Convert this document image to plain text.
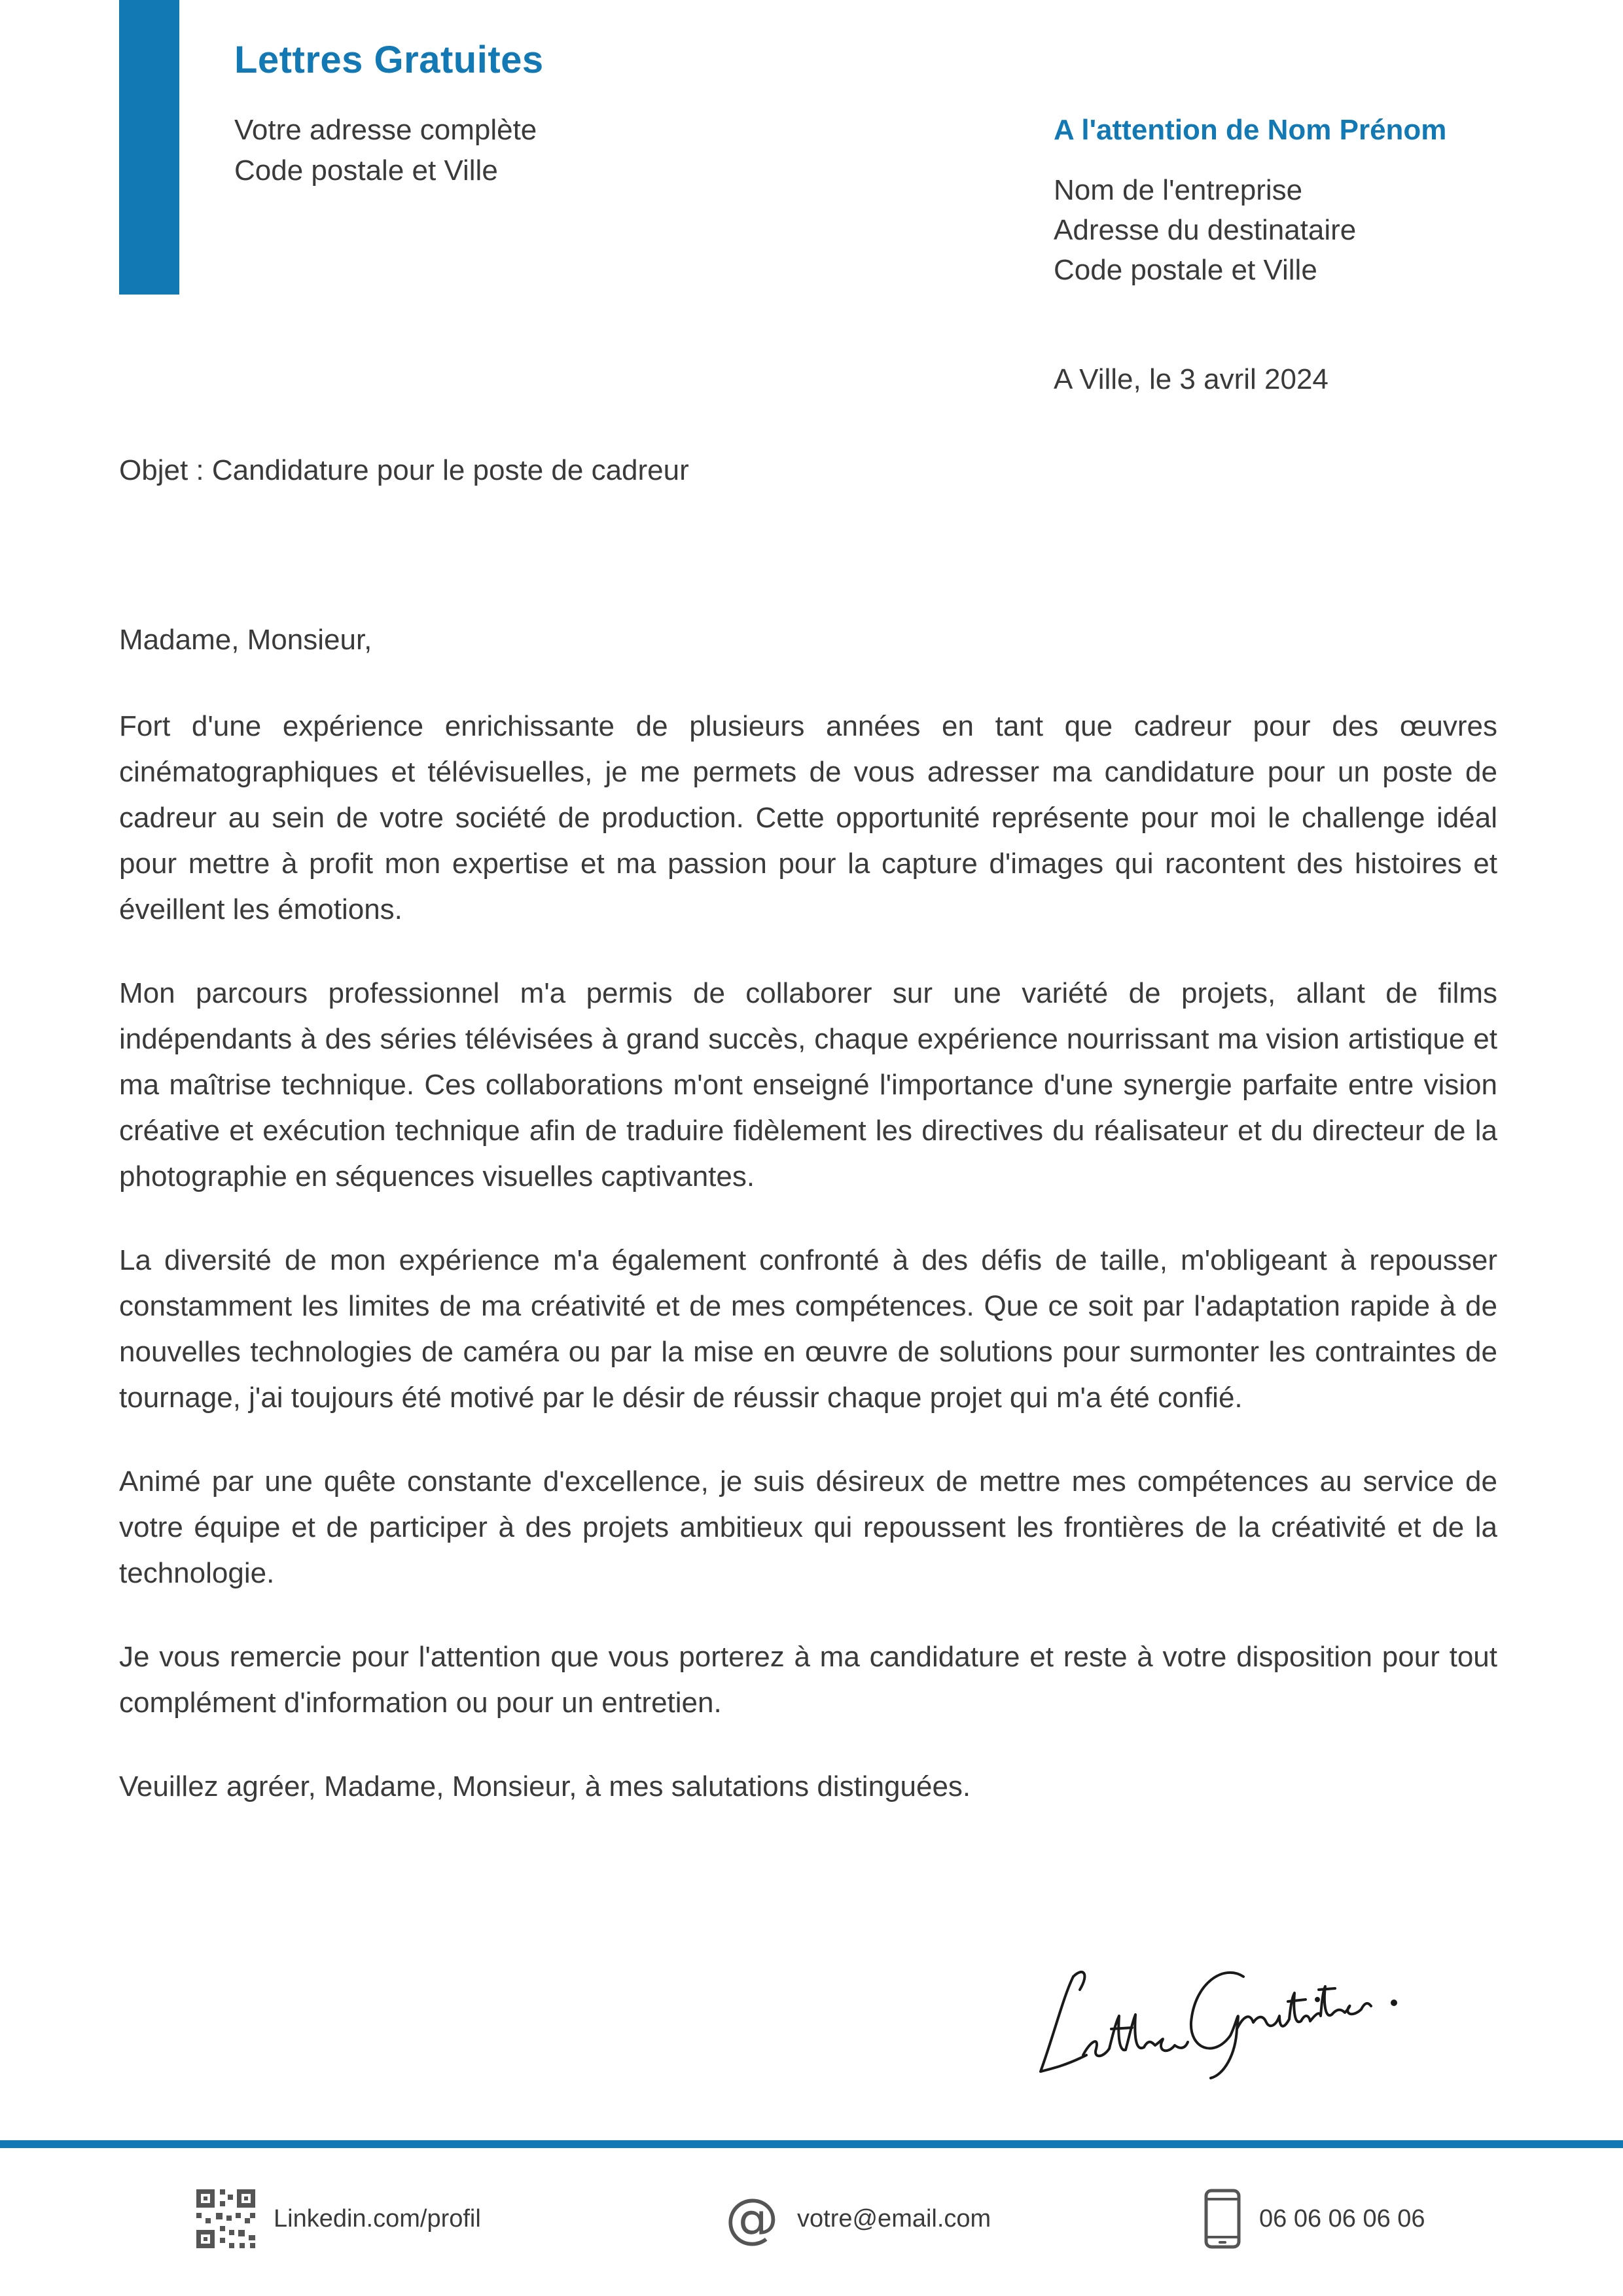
Lettres Gratuites
Votre adresse complète
Code postale et Ville
A l'attention de Nom Prénom
Nom de l'entreprise
Adresse du destinataire
Code postale et Ville
A Ville, le 3 avril 2024
Objet : Candidature pour le poste de cadreur
Madame, Monsieur,

Fort d'une expérience enrichissante de plusieurs années en tant que cadreur pour des œuvres cinématographiques et télévisuelles, je me permets de vous adresser ma candidature pour un poste de cadreur au sein de votre société de production. Cette opportunité représente pour moi le challenge idéal pour mettre à profit mon expertise et ma passion pour la capture d'images qui racontent des histoires et éveillent les émotions.

Mon parcours professionnel m'a permis de collaborer sur une variété de projets, allant de films indépendants à des séries télévisées à grand succès, chaque expérience nourrissant ma vision artistique et ma maîtrise technique. Ces collaborations m'ont enseigné l'importance d'une synergie parfaite entre vision créative et exécution technique afin de traduire fidèlement les directives du réalisateur et du directeur de la photographie en séquences visuelles captivantes.

La diversité de mon expérience m'a également confronté à des défis de taille, m'obligeant à repousser constamment les limites de ma créativité et de mes compétences. Que ce soit par l'adaptation rapide à de nouvelles technologies de caméra ou par la mise en œuvre de solutions pour surmonter les contraintes de tournage, j'ai toujours été motivé par le désir de réussir chaque projet qui m'a été confié.

Animé par une quête constante d'excellence, je suis désireux de mettre mes compétences au service de votre équipe et de participer à des projets ambitieux qui repoussent les frontières de la créativité et de la technologie.

Je vous remercie pour l'attention que vous porterez à ma candidature et reste à votre disposition pour tout complément d'information ou pour un entretien.

Veuillez agréer, Madame, Monsieur, à mes salutations distinguées.

Linkedin.com/profil	@ votre@email.com	06 06 06 06 06
